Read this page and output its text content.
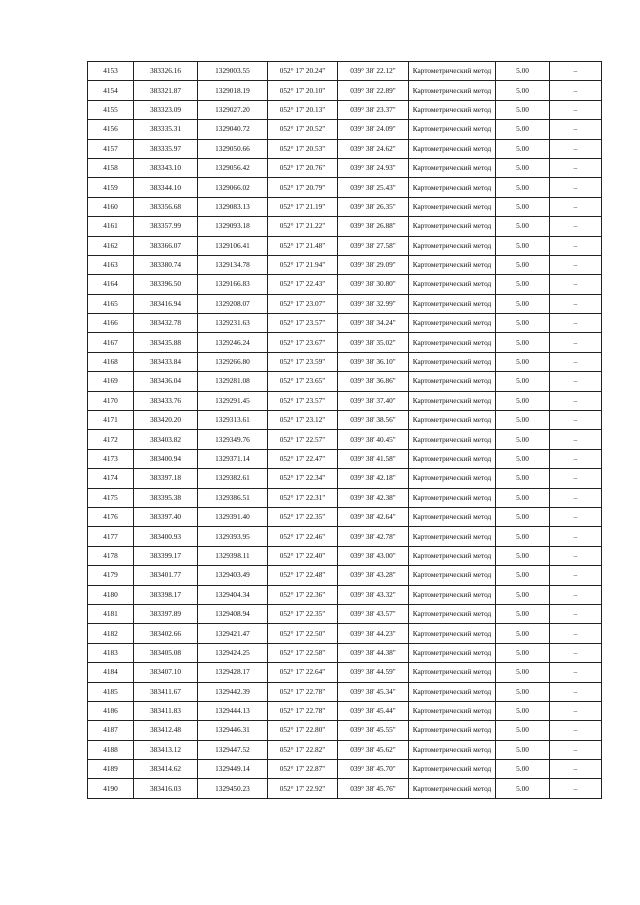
4153	383326.16	1329003.55	052° 17' 20.24"	039° 38' 22.12"	Картометрический метод	5.00	–
4154	383321.87	1329018.19	052° 17' 20.10"	039° 38' 22.89"	Картометрический метод	5.00	–
4155	383323.09	1329027.20	052° 17' 20.13"	039° 38' 23.37"	Картометрический метод	5.00	–
4156	383335.31	1329040.72	052° 17' 20.52"	039° 38' 24.09"	Картометрический метод	5.00	–
4157	383335.97	1329050.66	052° 17' 20.53"	039° 38' 24.62"	Картометрический метод	5.00	–
4158	383343.10	1329056.42	052° 17' 20.76"	039° 38' 24.93"	Картометрический метод	5.00	–
4159	383344.10	1329066.02	052° 17' 20.79"	039° 38' 25.43"	Картометрический метод	5.00	–
4160	383356.68	1329083.13	052° 17' 21.19"	039° 38' 26.35"	Картометрический метод	5.00	–
4161	383357.99	1329093.18	052° 17' 21.22"	039° 38' 26.88"	Картометрический метод	5.00	–
4162	383366.07	1329106.41	052° 17' 21.48"	039° 38' 27.58"	Картометрический метод	5.00	–
4163	383380.74	1329134.78	052° 17' 21.94"	039° 38' 29.09"	Картометрический метод	5.00	–
4164	383396.50	1329166.83	052° 17' 22.43"	039° 38' 30.80"	Картометрический метод	5.00	–
4165	383416.94	1329208.07	052° 17' 23.07"	039° 38' 32.99"	Картометрический метод	5.00	–
4166	383432.78	1329231.63	052° 17' 23.57"	039° 38' 34.24"	Картометрический метод	5.00	–
4167	383435.88	1329246.24	052° 17' 23.67"	039° 38' 35.02"	Картометрический метод	5.00	–
4168	383433.84	1329266.80	052° 17' 23.59"	039° 38' 36.10"	Картометрический метод	5.00	–
4169	383436.04	1329281.08	052° 17' 23.65"	039° 38' 36.86"	Картометрический метод	5.00	–
4170	383433.76	1329291.45	052° 17' 23.57"	039° 38' 37.40"	Картометрический метод	5.00	–
4171	383420.20	1329313.61	052° 17' 23.12"	039° 38' 38.56"	Картометрический метод	5.00	–
4172	383403.82	1329349.76	052° 17' 22.57"	039° 38' 40.45"	Картометрический метод	5.00	–
4173	383400.94	1329371.14	052° 17' 22.47"	039° 38' 41.58"	Картометрический метод	5.00	–
4174	383397.18	1329382.61	052° 17' 22.34"	039° 38' 42.18"	Картометрический метод	5.00	–
4175	383395.38	1329386.51	052° 17' 22.31"	039° 38' 42.38"	Картометрический метод	5.00	–
4176	383397.40	1329391.40	052° 17' 22.35"	039° 38' 42.64"	Картометрический метод	5.00	–
4177	383400.93	1329393.95	052° 17' 22.46"	039° 38' 42.78"	Картометрический метод	5.00	–
4178	383399.17	1329398.11	052° 17' 22.40"	039° 38' 43.00"	Картометрический метод	5.00	–
4179	383401.77	1329403.49	052° 17' 22.48"	039° 38' 43.28"	Картометрический метод	5.00	–
4180	383398.17	1329404.34	052° 17' 22.36"	039° 38' 43.32"	Картометрический метод	5.00	–
4181	383397.89	1329408.94	052° 17' 22.35"	039° 38' 43.57"	Картометрический метод	5.00	–
4182	383402.66	1329421.47	052° 17' 22.50"	039° 38' 44.23"	Картометрический метод	5.00	–
4183	383405.08	1329424.25	052° 17' 22.58"	039° 38' 44.38"	Картометрический метод	5.00	–
4184	383407.10	1329428.17	052° 17' 22.64"	039° 38' 44.59"	Картометрический метод	5.00	–
4185	383411.67	1329442.39	052° 17' 22.78"	039° 38' 45.34"	Картометрический метод	5.00	–
4186	383411.83	1329444.13	052° 17' 22.78"	039° 38' 45.44"	Картометрический метод	5.00	–
4187	383412.48	1329446.31	052° 17' 22.80"	039° 38' 45.55"	Картометрический метод	5.00	–
4188	383413.12	1329447.52	052° 17' 22.82"	039° 38' 45.62"	Картометрический метод	5.00	–
4189	383414.62	1329449.14	052° 17' 22.87"	039° 38' 45.70"	Картометрический метод	5.00	–
4190	383416.03	1329450.23	052° 17' 22.92"	039° 38' 45.76"	Картометрический метод	5.00	–
